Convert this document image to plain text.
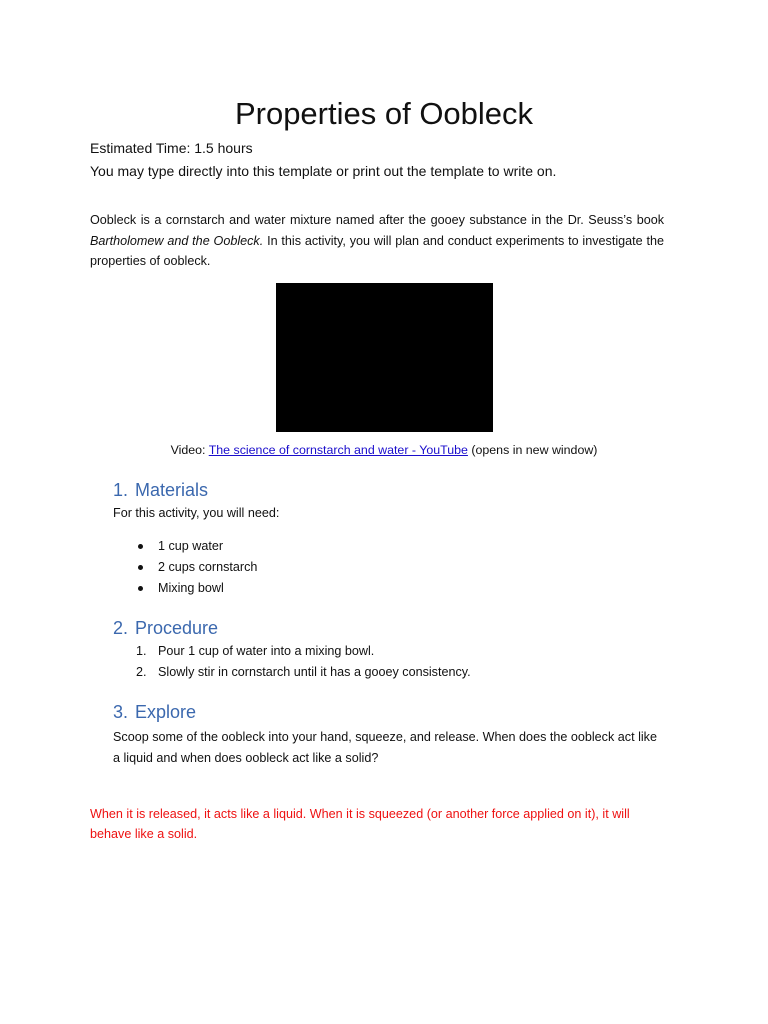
Properties of Oobleck

Estimated Time: 1.5 hours

You may type directly into this template or print out the template to write on.

Oobleck is a cornstarch and water mixture named after the gooey substance in the Dr. Seuss’s book Bartholomew and the Oobleck. In this activity, you will plan and conduct experiments to investigate the properties of oobleck.

Video: The science of cornstarch and water - YouTube (opens in new window)

1. Materials

For this activity, you will need:

1 cup water
2 cups cornstarch
Mixing bowl
2. Procedure
1. Pour 1 cup of water into a mixing bowl.
2. Slowly stir in cornstarch until it has a gooey consistency.
3. Explore

Scoop some of the oobleck into your hand, squeeze, and release. When does the oobleck act like a liquid and when does oobleck act like a solid?

When it is released, it acts like a liquid. When it is squeezed (or another force applied on it), it will behave like a solid.
